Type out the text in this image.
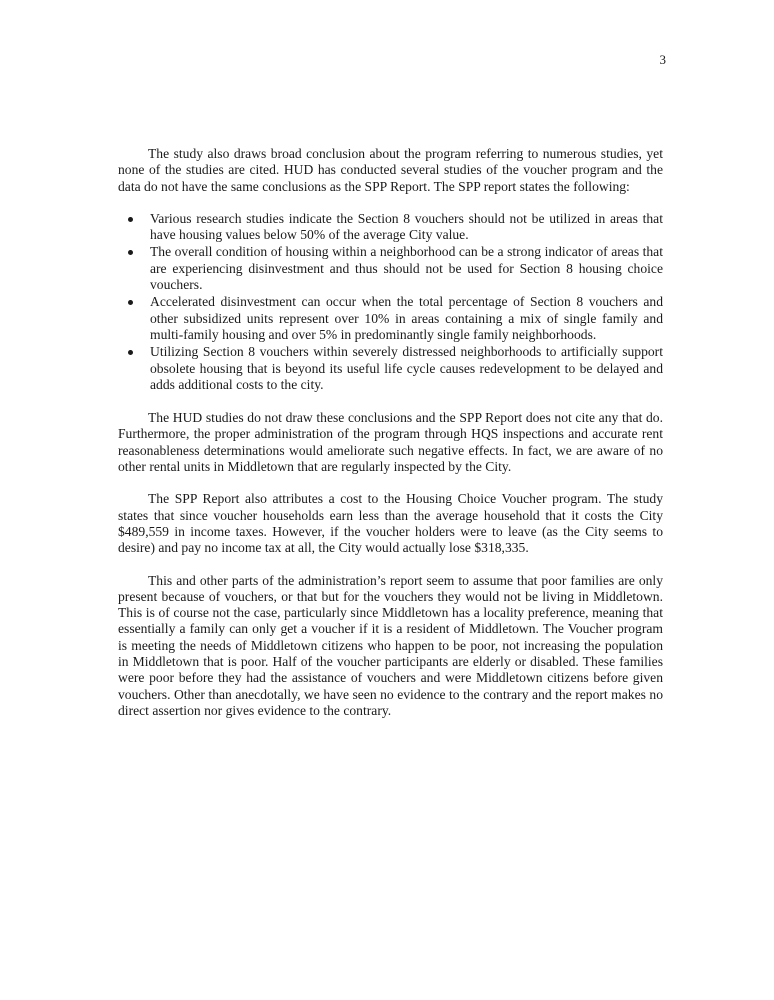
3

The study also draws broad conclusion about the program referring to numerous studies, yet none of the studies are cited. HUD has conducted several studies of the voucher program and the data do not have the same conclusions as the SPP Report. The SPP report states the following:

Various research studies indicate the Section 8 vouchers should not be utilized in areas that have housing values below 50% of the average City value.
The overall condition of housing within a neighborhood can be a strong indicator of areas that are experiencing disinvestment and thus should not be used for Section 8 housing choice vouchers.
Accelerated disinvestment can occur when the total percentage of Section 8 vouchers and other subsidized units represent over 10% in areas containing a mix of single family and multi-family housing and over 5% in predominantly single family neighborhoods.
Utilizing Section 8 vouchers within severely distressed neighborhoods to artificially support obsolete housing that is beyond its useful life cycle causes redevelopment to be delayed and adds additional costs to the city.

The HUD studies do not draw these conclusions and the SPP Report does not cite any that do. Furthermore, the proper administration of the program through HQS inspections and accurate rent reasonableness determinations would ameliorate such negative effects. In fact, we are aware of no other rental units in Middletown that are regularly inspected by the City.

The SPP Report also attributes a cost to the Housing Choice Voucher program. The study states that since voucher households earn less than the average household that it costs the City $489,559 in income taxes. However, if the voucher holders were to leave (as the City seems to desire) and pay no income tax at all, the City would actually lose $318,335.

This and other parts of the administration’s report seem to assume that poor families are only present because of vouchers, or that but for the vouchers they would not be living in Middletown. This is of course not the case, particularly since Middletown has a locality preference, meaning that essentially a family can only get a voucher if it is a resident of Middletown. The Voucher program is meeting the needs of Middletown citizens who happen to be poor, not increasing the population in Middletown that is poor. Half of the voucher participants are elderly or disabled. These families were poor before they had the assistance of vouchers and were Middletown citizens before given vouchers. Other than anecdotally, we have seen no evidence to the contrary and the report makes no direct assertion nor gives evidence to the contrary.
